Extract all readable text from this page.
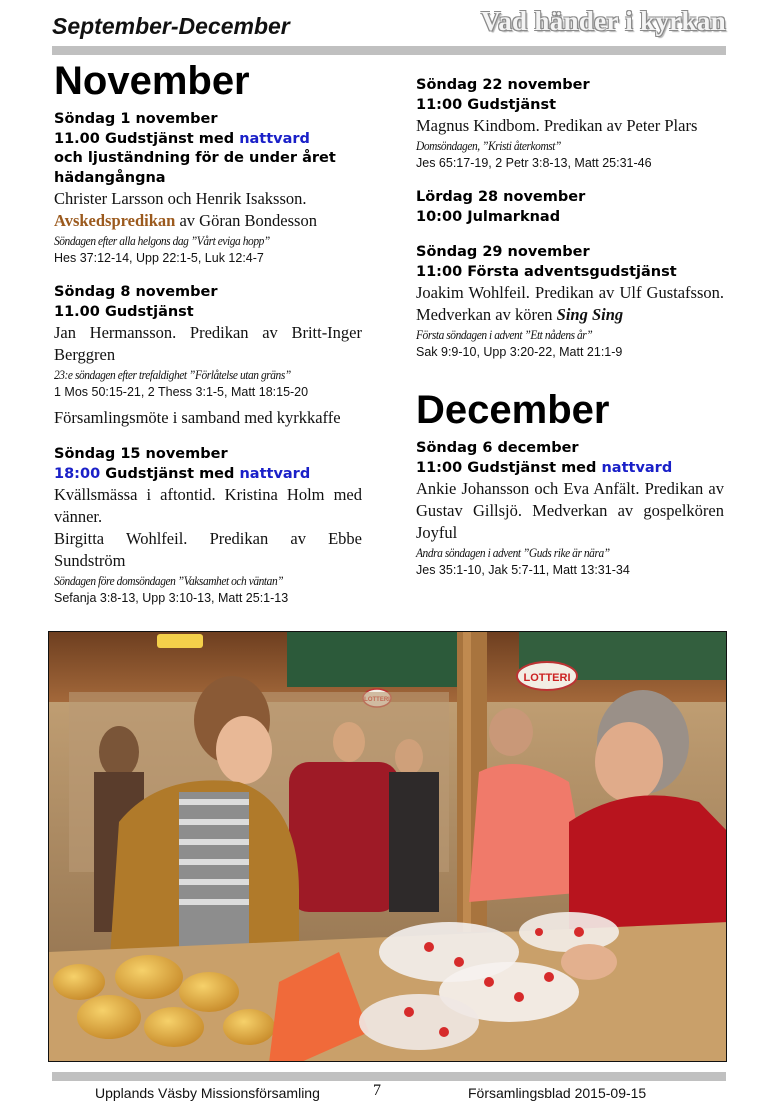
September-December	Vad händer i kyrkan
November
Söndag 1 november
11.00 Gudstjänst med nattvard
och ljuständning för de under året hädangångna
Christer Larsson och Henrik Isaksson.
Avskedspredikan av Göran Bondesson
Söndagen efter alla helgons dag ”Vårt eviga hopp”
Hes 37:12-14, Upp 22:1-5, Luk 12:4-7
Söndag 8 november
11.00 Gudstjänst
Jan Hermansson. Predikan av Britt-Inger Berggren
23:e söndagen efter trefaldighet ”Förlåtelse utan gräns”
1 Mos 50:15-21, 2 Thess 3:1-5, Matt 18:15-20
Församlingsmöte i samband med kyrkkaffe
Söndag 15 november
18:00 Gudstjänst med nattvard
Kvällsmässa i aftontid. Kristina Holm med vänner.
Birgitta Wohlfeil. Predikan av Ebbe Sundström
Söndagen före domsöndagen ”Vaksamhet och väntan”
Sefanja 3:8-13, Upp 3:10-13, Matt 25:1-13
Söndag 22 november
11:00 Gudstjänst
Magnus Kindbom. Predikan av Peter Plars
Domsöndagen, ”Kristi återkomst”
Jes 65:17-19, 2 Petr 3:8-13, Matt 25:31-46
Lördag 28 november
10:00 Julmarknad
Söndag 29 november
11:00 Första adventsgudstjänst
Joakim Wohlfeil. Predikan av Ulf Gustafsson. Medverkan av kören Sing Sing
Första söndagen i advent ”Ett nådens år”
Sak 9:9-10, Upp 3:20-22, Matt 21:1-9
December
Söndag 6 december
11:00 Gudstjänst med nattvard
Ankie Johansson och Eva Anfält. Predikan av Gustav Gillsjö. Medverkan av gospelkören Joyful
Andra söndagen i advent ”Guds rike är nära”
Jes 35:1-10, Jak 5:7-11, Matt 13:31-34
LOTTERI
Upplands Väsby Missionsförsamling	7	Församlingsblad 2015-09-15
